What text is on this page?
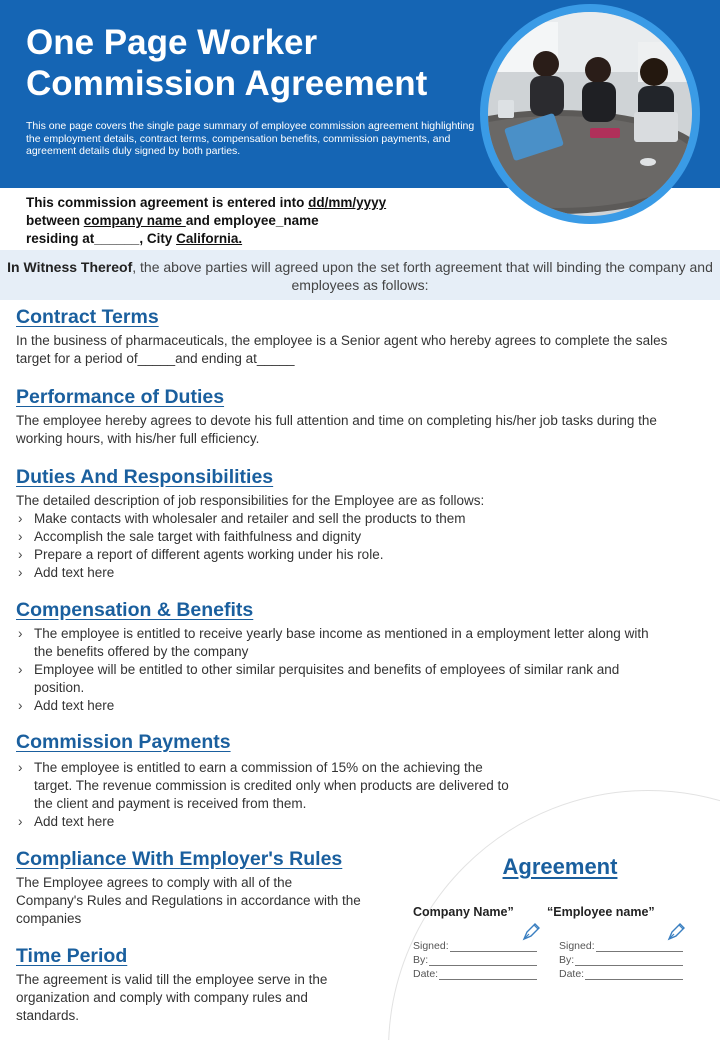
One Page Worker Commission Agreement

This one page covers the single page summary of employee commission agreement highlighting the employment details, contract terms, compensation benefits, commission payments, and agreement details duly signed by both parties.

This commission agreement is entered into dd/mm/yyyy
between company name and employee_name
residing at______, City California.
In Witness Thereof, the above parties will agreed upon the set forth agreement that will binding the company and employees as follows:
Contract Terms

In the business of pharmaceuticals, the employee is a Senior agent who hereby agrees to complete the sales target for a period of_____and ending at_____

Performance of Duties

The employee hereby agrees to devote his full attention and time on completing his/her job tasks during the working hours, with his/her full efficiency.

Duties And Responsibilities

The detailed description of job responsibilities for the Employee are as follows:

› Make contacts with wholesaler and retailer and sell the products to them
› Accomplish the sale target with faithfulness and dignity
› Prepare a report of different agents working under his role.
› Add text here
Compensation & Benefits
› The employee is entitled to receive yearly base income as mentioned in a employment letter along with the benefits offered by the company
› Employee will be entitled to other similar perquisites and benefits of employees of similar rank and position.
› Add text here
Commission Payments
› The employee is entitled to earn a commission of 15% on the achieving the target. The revenue commission is credited only when products are delivered to the client and payment is received from them.
› Add text here
Compliance With Employer's Rules

The Employee agrees to comply with all of the Company's Rules and Regulations in accordance with the companies

Time Period

The agreement is valid till the employee serve in the organization and comply with company rules and standards.

Agreement
Company Name”	“Employee name”
Signed:
By:
Date:
Signed:
By:
Date:
